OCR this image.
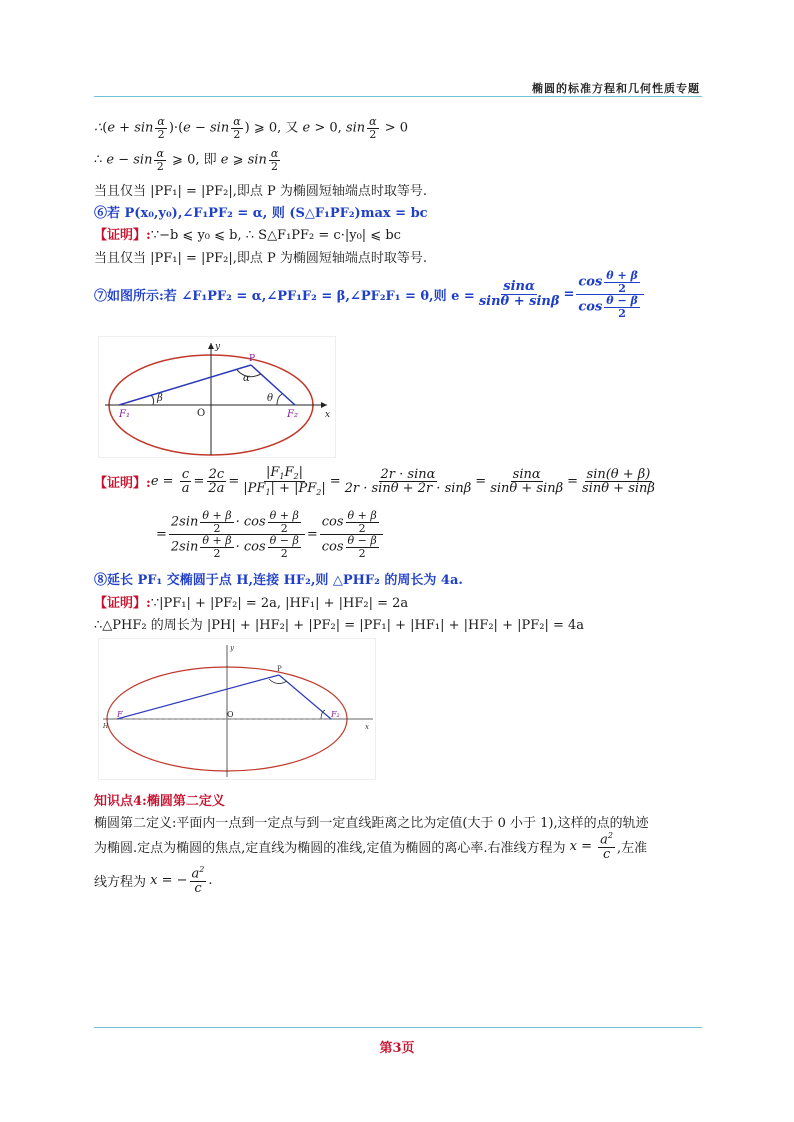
椭圆的标准方程和几何性质专题
∴(e + $\sin \frac{\alpha}{2} )\cdot(e - \sin \frac{\alpha}{2}$ ) ⩾ 0, 又 e > 0, $\sin \frac{\alpha}{2} > 0$
∴ $e - \sin \frac{\alpha}{2}$ ⩾ 0, 即 e ⩾ $\sin \frac{\alpha}{2}$
当且仅当 |PF₁| = |PF₂|,即点 P 为椭圆短轴端点时取等号.
⑥若 P(x₀,y₀),∠F₁PF₂ = α, 则 (S△F₁PF₂)max = bc
【证明】:∵−b ⩽ y₀ ⩽ b, ∴ S△F₁PF₂ = c·|y₀| ⩽ bc
当且仅当 |PF₁| = |PF₂|,即点 P 为椭圆短轴端点时取等号.
⑦如图所示:若 ∠F₁PF₂ = α,∠PF₁F₂ = β,∠PF₂F₁ = θ,则 $e = \frac{\sin\alpha}{\sin\theta + \sin\beta} = \frac{\cos \frac{\theta + \beta}{2}}{\cos \frac{\theta - \beta}{2}}$
y
x
P
α
β	θ
O
F₁	F₂
【证明】: $e = \frac{c}{a} = \frac{2c}{2a} = \frac{|F_1F_2|}{|PF_1| + |PF_2|} = \frac{2r \cdot \sin\alpha}{2r \cdot \sin\theta + 2r \cdot \sin\beta} = \frac{\sin\alpha}{\sin\theta + \sin\beta} = \frac{\sin(\theta + \beta)}{\sin\theta + \sin\beta}$
= $\frac{2\sin \frac{\theta + \beta}{2} \cdot \cos \frac{\theta + \beta}{2}}{2\sin \frac{\theta + \beta}{2} \cdot \cos \frac{\theta - \beta}{2}} = \frac{\cos \frac{\theta + \beta}{2}}{\cos \frac{\theta - \beta}{2}}$
⑧延长 PF₁ 交椭圆于点 H,连接 HF₂,则 △PHF₂ 的周长为 4a.
【证明】:∵|PF₁| + |PF₂| = 2a, |HF₁| + |HF₂| = 2a
∴△PHF₂ 的周长为 |PH| + |HF₂| + |PF₂| = |PF₁| + |HF₁| + |HF₂| + |PF₂| = 4a
y
x
P
O
F	F₂
H
知识点4:椭圆第二定义
椭圆第二定义:平面内一点到一定点与到一定直线距离之比为定值(大于 0 小于 1),这样的点的轨迹
为椭圆.定点为椭圆的焦点,定直线为椭圆的准线,定值为椭圆的离心率.右准线方程为 $x = \frac{a^2}{c}$ ,左准
线方程为 x = − $\frac{a^2}{c}$ .
第3页
